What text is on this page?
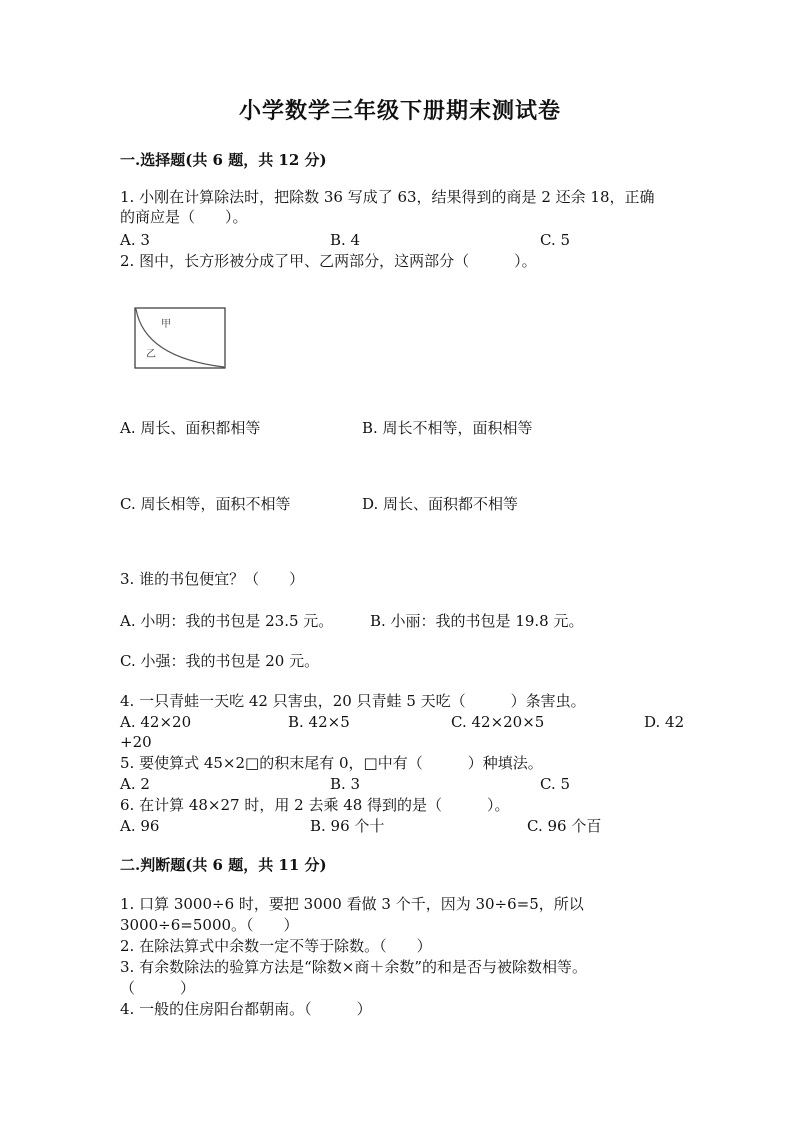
小学数学三年级下册期末测试卷
一.选择题(共 6 题，共 12 分)
1. 小刚在计算除法时，把除数 36 写成了 63，结果得到的商是 2 还余 18，正确
的商应是（　　）。
A. 3	B. 4	C. 5
2. 图中，长方形被分成了甲、乙两部分，这两部分（　　　）。
甲
乙
A. 周长、面积都相等	B. 周长不相等，面积相等
C. 周长相等，面积不相等	D. 周长、面积都不相等
3. 谁的书包便宜？（　　）
A. 小明：我的书包是 23.5 元。 B. 小丽：我的书包是 19.8 元。
C. 小强：我的书包是 20 元。
4. 一只青蛙一天吃 42 只害虫，20 只青蛙 5 天吃（　　　）条害虫。
A. 42×20	B. 42×5	C. 42×20×5	D. 42
+20
5. 要使算式 45×2□的积末尾有 0，□中有（　　　）种填法。
A. 2	B. 3	C. 5
6. 在计算 48×27 时，用 2 去乘 48 得到的是（　　　）。
A. 96	B. 96 个十	C. 96 个百
二.判断题(共 6 题，共 11 分)
1. 口算 3000÷6 时，要把 3000 看做 3 个千，因为 30÷6=5，所以
3000÷6=5000。（　　）
2. 在除法算式中余数一定不等于除数。（　　）
3. 有余数除法的验算方法是“除数×商＋余数”的和是否与被除数相等。
（　　　）
4. 一般的住房阳台都朝南。（　　　）
